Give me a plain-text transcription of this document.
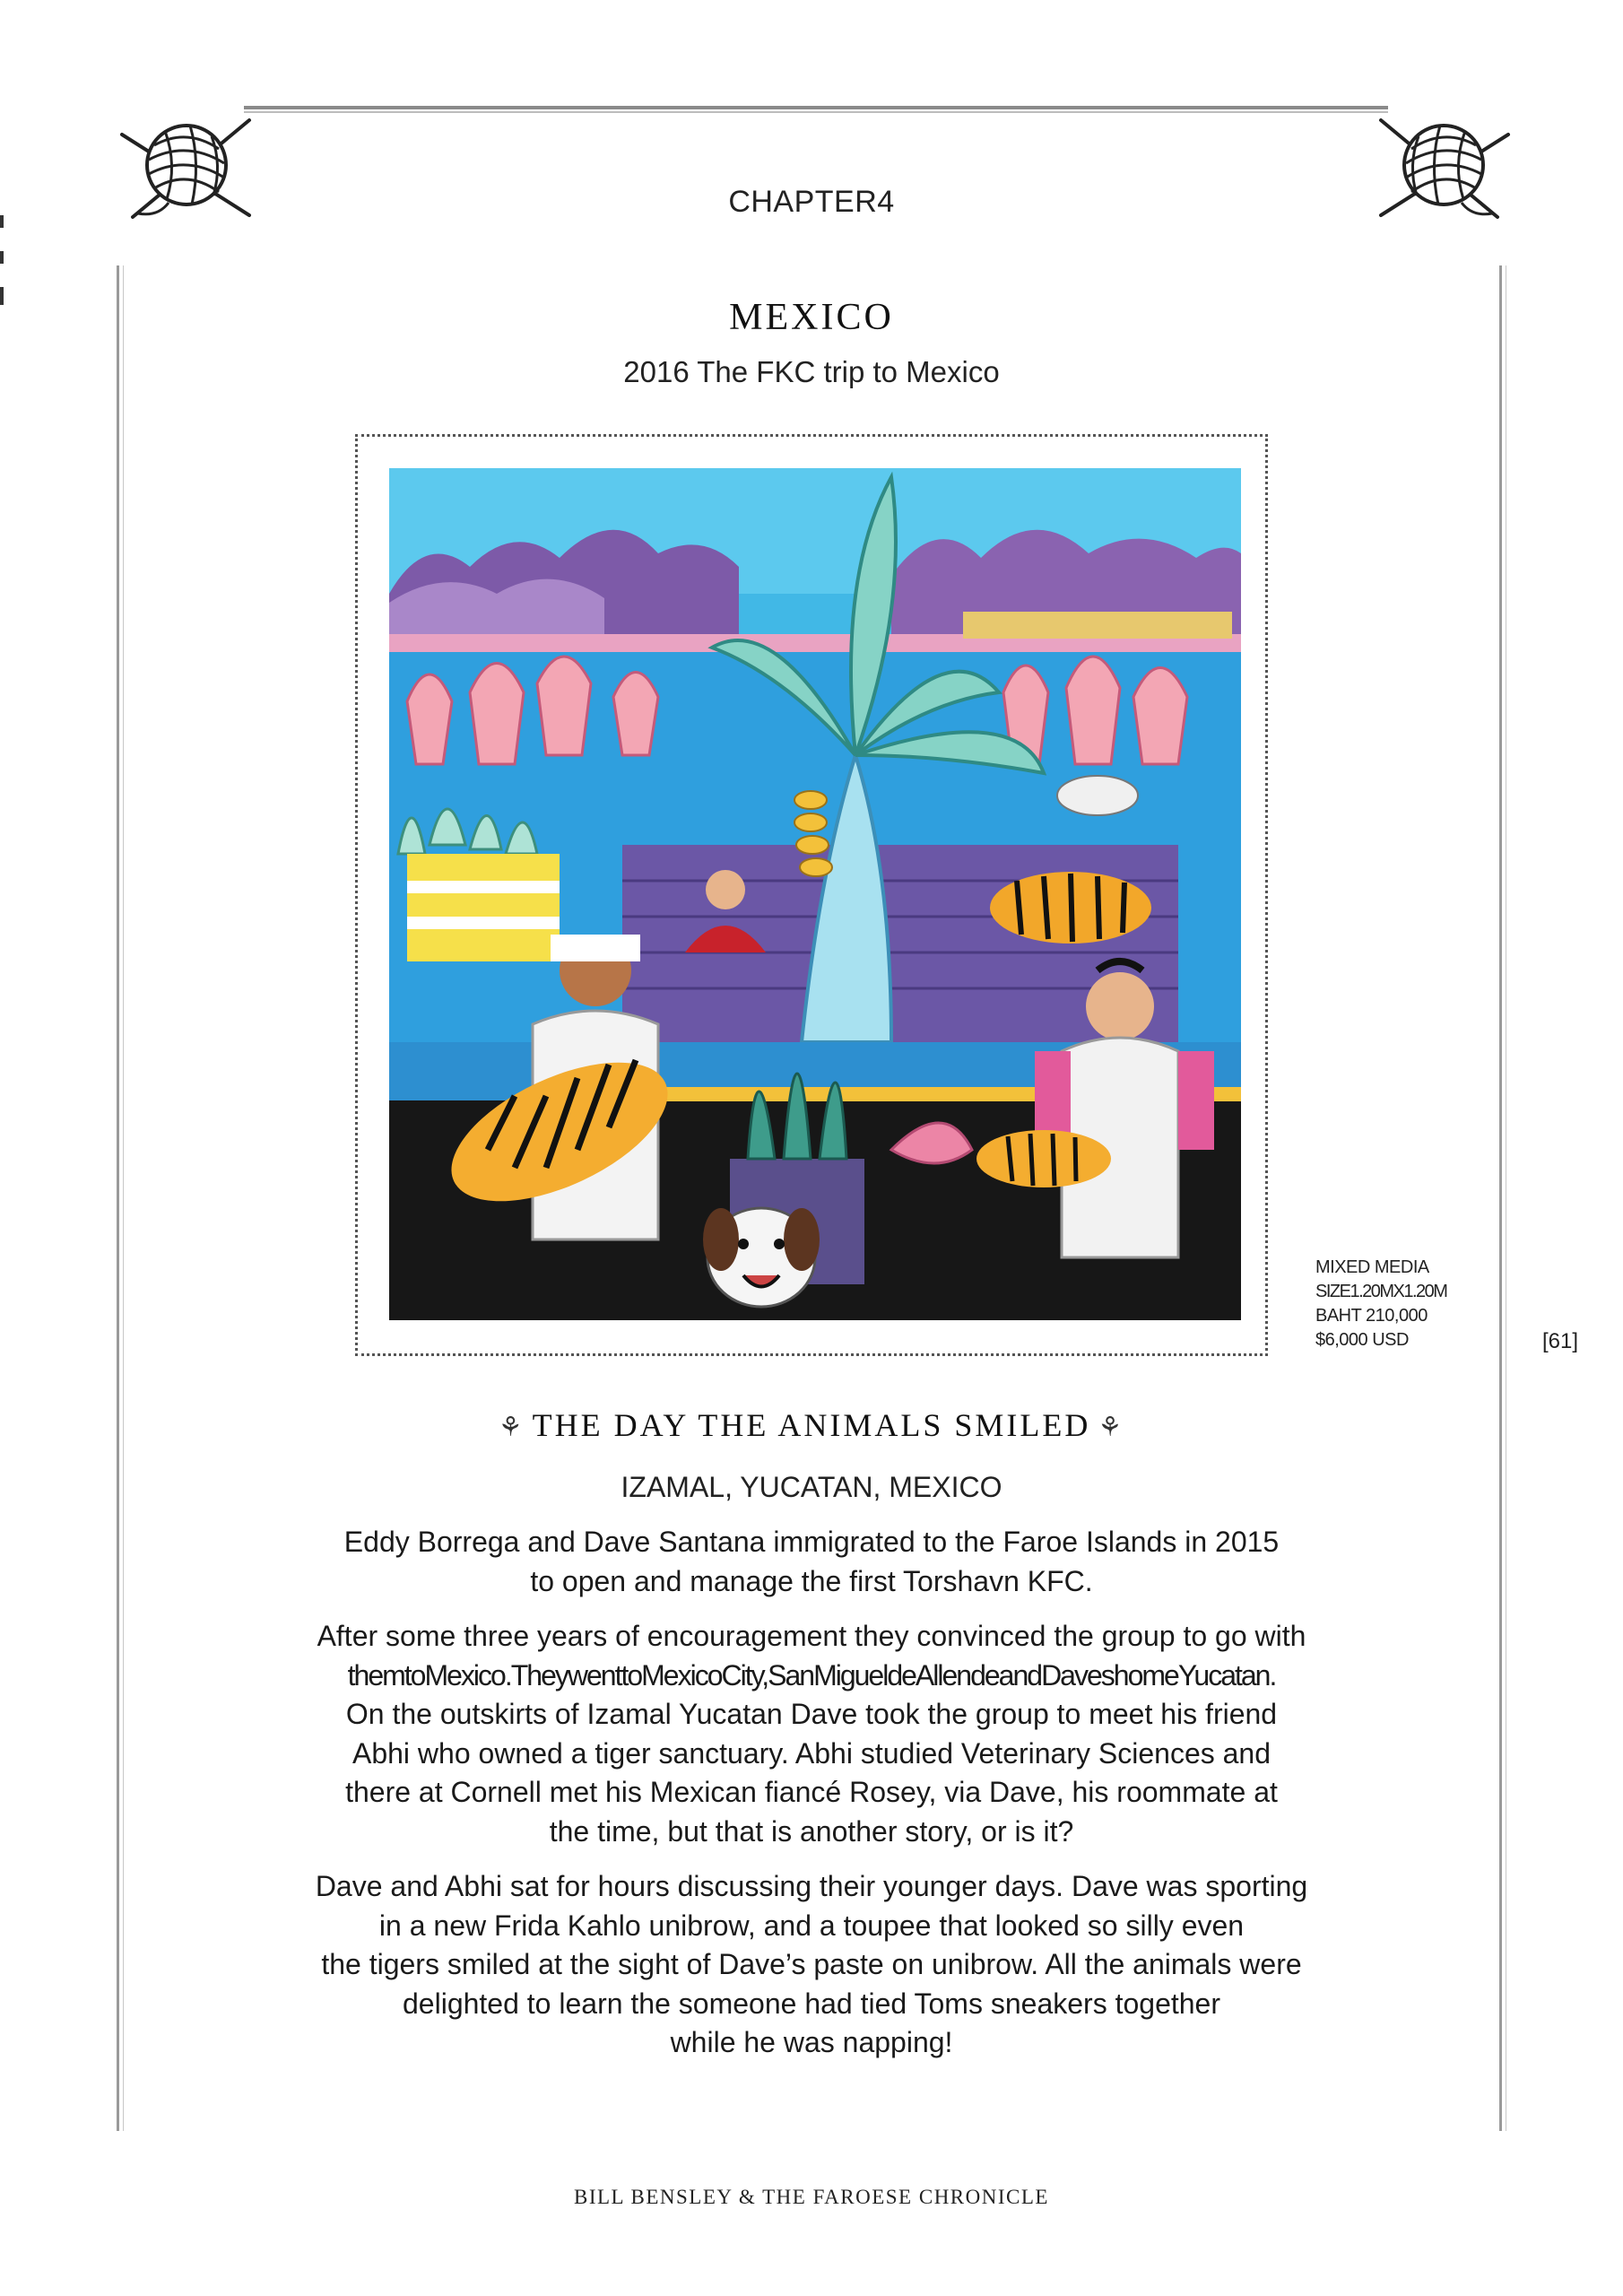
CHAPTER4
MEXICO
2016 The FKC trip to Mexico
MIXED MEDIA
SIZE1.20MX1.20M
BAHT 210,000
$6,000 USD	[61]
⚘ THE DAY THE ANIMALS SMILED ⚘
IZAMAL, YUCATAN, MEXICO

Eddy Borrega and Dave Santana immigrated to the Faroe Islands in 2015
to open and manage the first Torshavn KFC.

After some three years of encouragement they convinced the group to go with
themtoMexico.TheywenttoMexicoCity,SanMigueldeAllendeandDaveshomeYucatan.
On the outskirts of Izamal Yucatan Dave took the group to meet his friend
Abhi who owned a tiger sanctuary. Abhi studied Veterinary Sciences and
there at Cornell met his Mexican fiancé Rosey, via Dave, his roommate at
the time, but that is another story, or is it?

Dave and Abhi sat for hours discussing their younger days. Dave was sporting
in a new Frida Kahlo unibrow, and a toupee that looked so silly even
the tigers smiled at the sight of Dave’s paste on unibrow. All the animals were
delighted to learn the someone had tied Toms sneakers together
while he was napping!

BILL BENSLEY & THE FAROESE CHRONICLE
